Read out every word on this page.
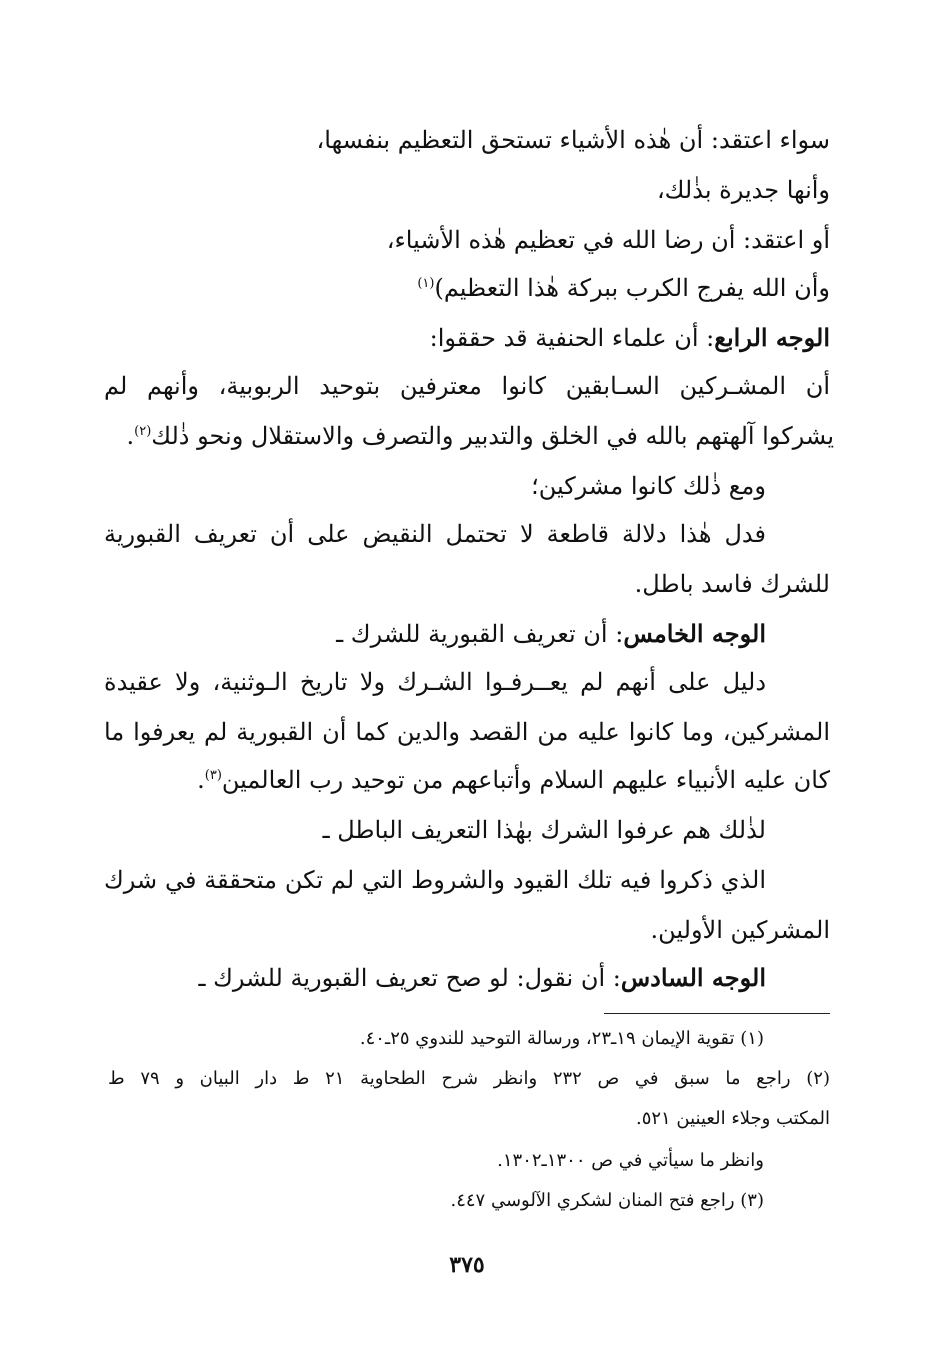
سواء اعتقد: أن هٰذه الأشياء تستحق التعظيم بنفسها،
وأنها جديرة بذٰلك،
أو اعتقد: أن رضا الله في تعظيم هٰذه الأشياء،
وأن الله يفرج الكرب ببركة هٰذا التعظيم)$^{(١)}$
الوجه الرابع: أن علماء الحنفية قد حققوا:
أن المشـركين السـابقين كانوا معترفين بتوحيد الربوبية، وأنهم لم
يشركوا آلهتهم بالله في الخلق والتدبير والتصرف والاستقلال ونحو ذٰلك$^{(٢)}$.
ومع ذٰلك كانوا مشركين؛
فدل هٰذا دلالة قاطعة لا تحتمل النقيض على أن تعريف القبورية
للشرك فاسد باطل.
الوجه الخامس: أن تعريف القبورية للشرك ـ
دليل على أنهم لم يعــرفـوا الشـرك ولا تاريخ الـوثنية، ولا عقيدة
المشركين، وما كانوا عليه من القصد والدين كما أن القبورية لم يعرفوا ما
كان عليه الأنبياء عليهم السلام وأتباعهم من توحيد رب العالمين$^{(٣)}$.
لذٰلك هم عرفوا الشرك بهٰذا التعريف الباطل ـ
الذي ذكروا فيه تلك القيود والشروط التي لم تكن متحققة في شرك
المشركين الأولين.
الوجه السادس: أن نقول: لو صح تعريف القبورية للشرك ـ
(١) تقوية الإيمان ١٩ـ٢٣، ورسالة التوحيد للندوي ٢٥ـ٤٠.
(٢) راجع ما سبق في ص ٢٣٢ وانظر شرح الطحاوية ٢١ ط دار البيان و ٧٩ ط
المكتب وجلاء العينين ٥٢١.
وانظر ما سيأتي في ص ١٣٠٠ـ١٣٠٢.
(٣) راجع فتح المنان لشكري الآلوسي ٤٤٧.
٣٧٥
